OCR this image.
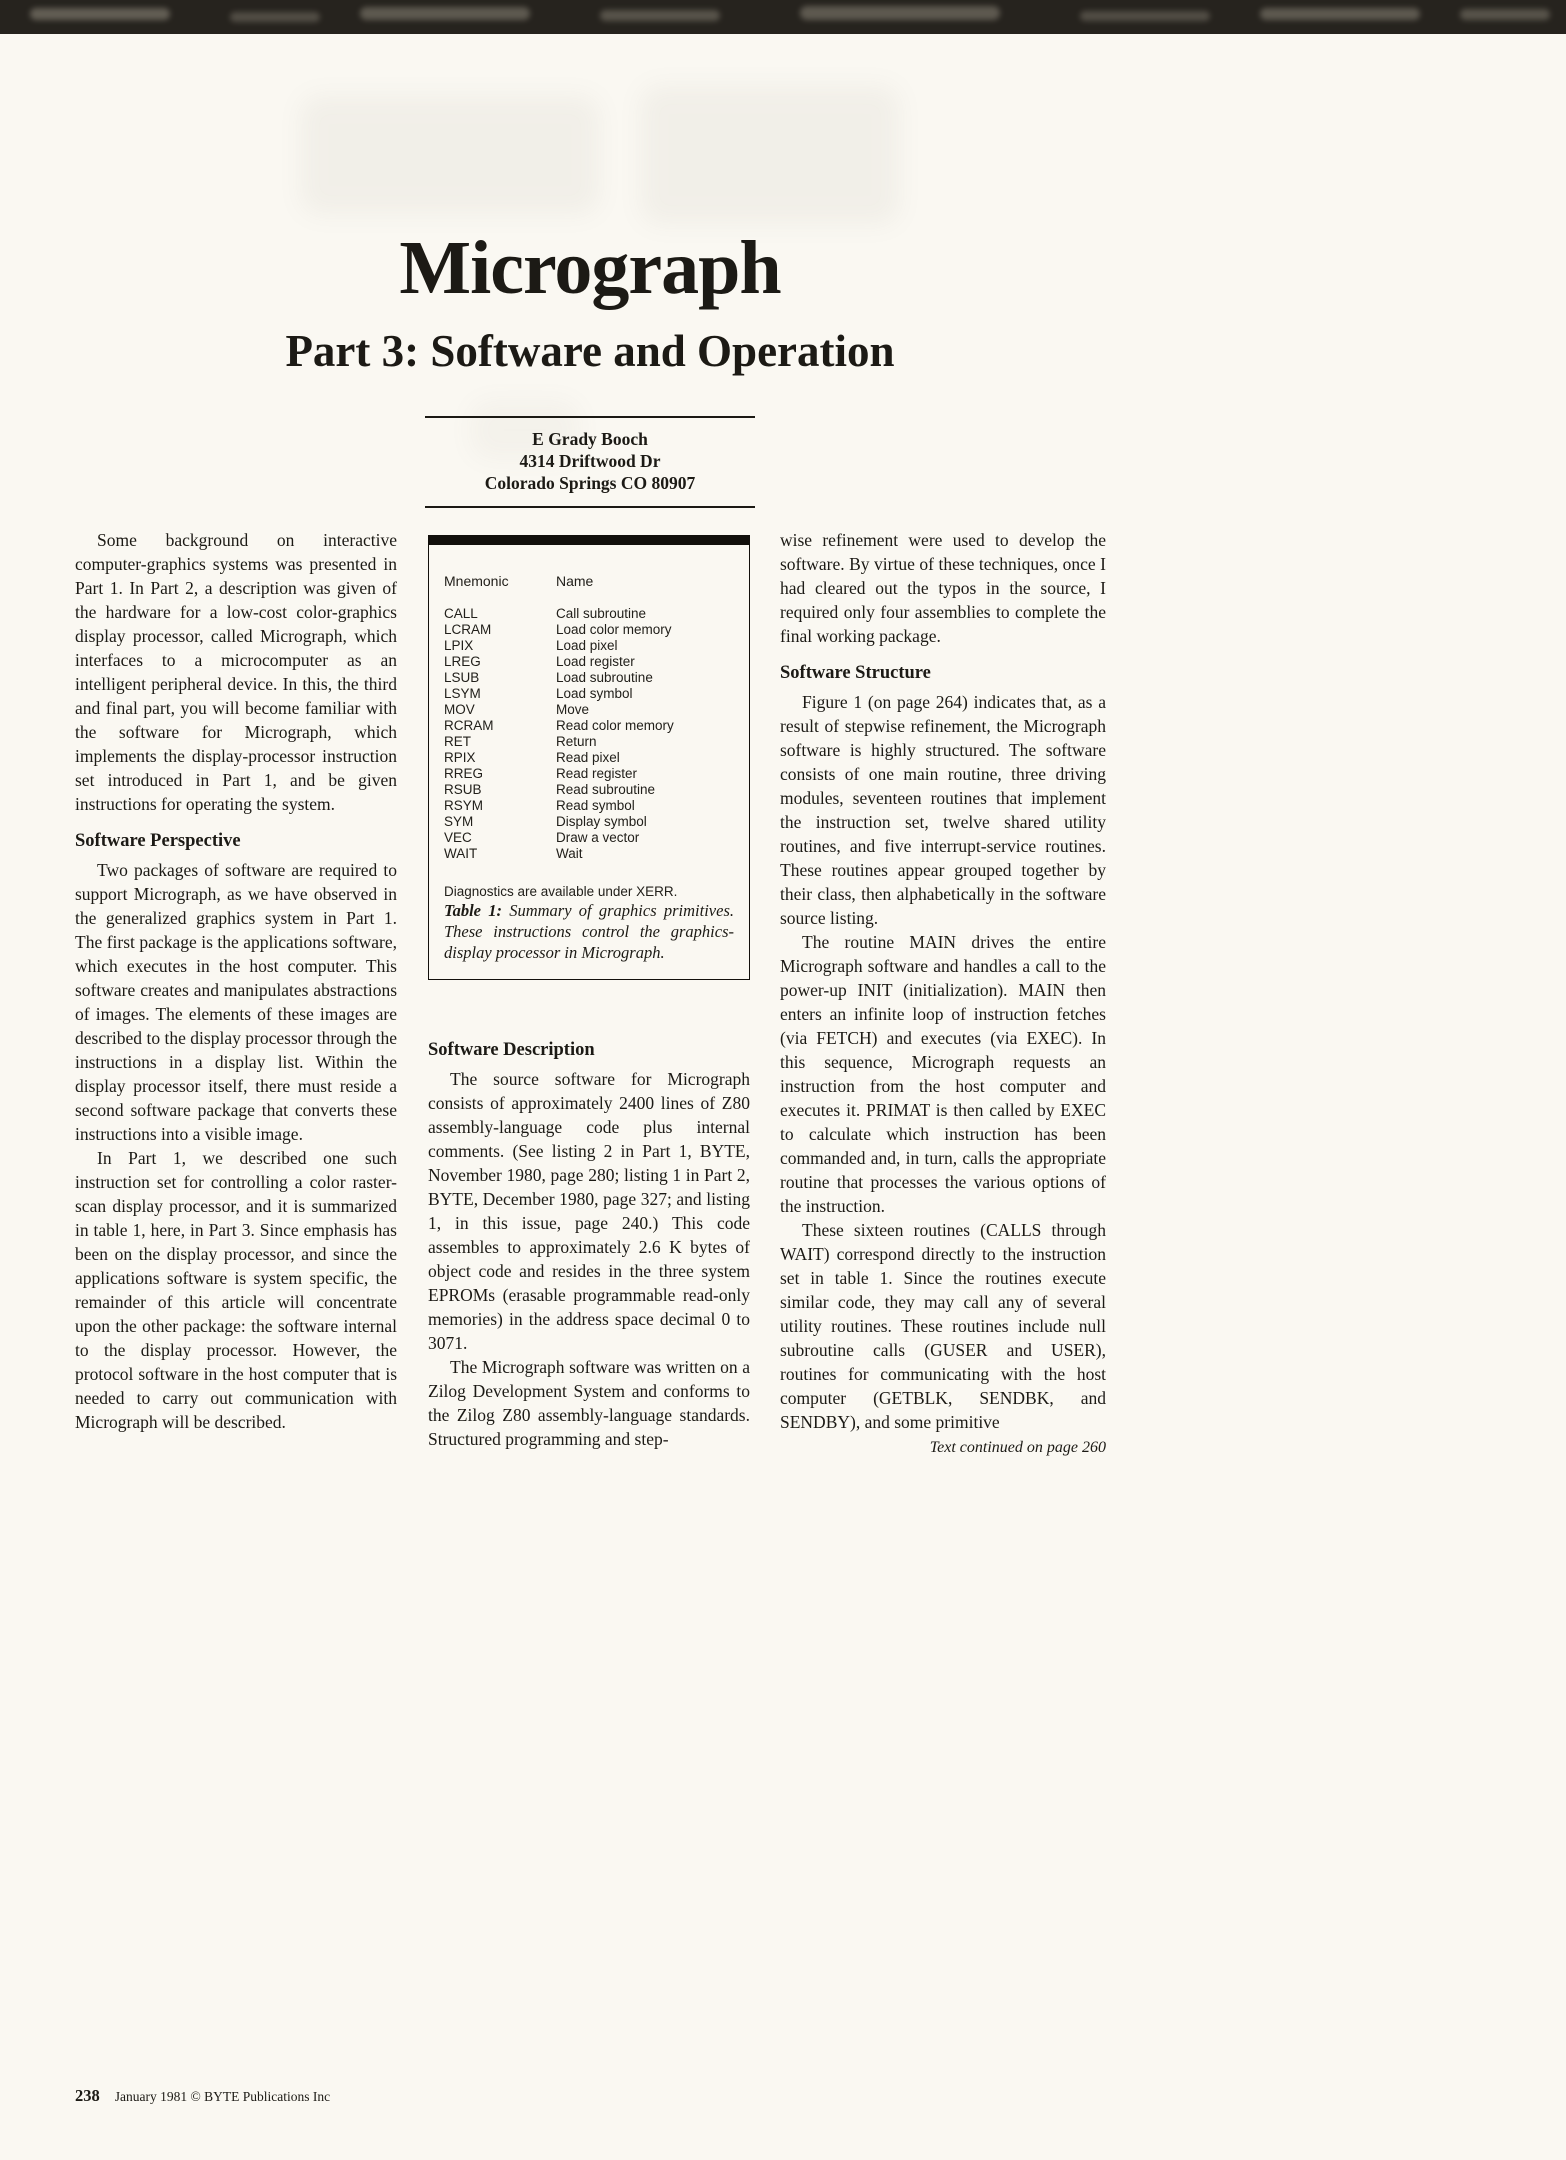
Micrograph
Part 3: Software and Operation
E Grady Booch
4314 Driftwood Dr
Colorado Springs CO 80907

Some background on interactive computer-graphics systems was presented in Part 1. In Part 2, a description was given of the hardware for a low-cost color-graphics display processor, called Micrograph, which interfaces to a microcomputer as an intelligent peripheral device. In this, the third and final part, you will become familiar with the software for Micrograph, which implements the display-processor instruction set introduced in Part 1, and be given instructions for operating the system.

Software Perspective

Two packages of software are required to support Micrograph, as we have observed in the generalized graphics system in Part 1. The first package is the applications software, which executes in the host computer. This software creates and manipulates abstractions of images. The elements of these images are described to the display processor through the instructions in a display list. Within the display processor itself, there must reside a second software package that converts these instructions into a visible image.

In Part 1, we described one such instruction set for controlling a color raster-scan display processor, and it is summarized in table 1, here, in Part 3. Since emphasis has been on the display processor, and since the applications software is system specific, the remainder of this article will concentrate upon the other package: the software internal to the display processor. However, the protocol software in the host computer that is needed to carry out communication with Micrograph will be described.

Mnemonic	Name
CALL	Call subroutine
LCRAM	Load color memory
LPIX	Load pixel
LREG	Load register
LSUB	Load subroutine
LSYM	Load symbol
MOV	Move
RCRAM	Read color memory
RET	Return
RPIX	Read pixel
RREG	Read register
RSUB	Read subroutine
RSYM	Read symbol
SYM	Display symbol
VEC	Draw a vector
WAIT	Wait
Diagnostics are available under XERR.

Table 1: Summary of graphics primitives. These instructions control the graphics-display processor in Micrograph.

Software Description

The source software for Micrograph consists of approximately 2400 lines of Z80 assembly-language code plus internal comments. (See listing 2 in Part 1, BYTE, November 1980, page 280; listing 1 in Part 2, BYTE, December 1980, page 327; and listing 1, in this issue, page 240.) This code assembles to approximately 2.6 K bytes of object code and resides in the three system EPROMs (erasable programmable read-only memories) in the address space decimal 0 to 3071.

The Micrograph software was written on a Zilog Development System and conforms to the Zilog Z80 assembly-language standards. Structured programming and step-

wise refinement were used to develop the software. By virtue of these techniques, once I had cleared out the typos in the source, I required only four assemblies to complete the final working package.

Software Structure

Figure 1 (on page 264) indicates that, as a result of stepwise refinement, the Micrograph software is highly structured. The software consists of one main routine, three driving modules, seventeen routines that implement the instruction set, twelve shared utility routines, and five interrupt-service routines. These routines appear grouped together by their class, then alphabetically in the software source listing.

The routine MAIN drives the entire Micrograph software and handles a call to the power-up INIT (initialization). MAIN then enters an infinite loop of instruction fetches (via FETCH) and executes (via EXEC). In this sequence, Micrograph requests an instruction from the host computer and executes it. PRIMAT is then called by EXEC to calculate which instruction has been commanded and, in turn, calls the appropriate routine that processes the various options of the instruction.

These sixteen routines (CALLS through WAIT) correspond directly to the instruction set in table 1. Since the routines execute similar code, they may call any of several utility routines. These routines include null subroutine calls (GUSER and USER), routines for communicating with the host computer (GETBLK, SENDBK, and SENDBY), and some primitive

Text continued on page 260

238 January 1981 © BYTE Publications Inc
